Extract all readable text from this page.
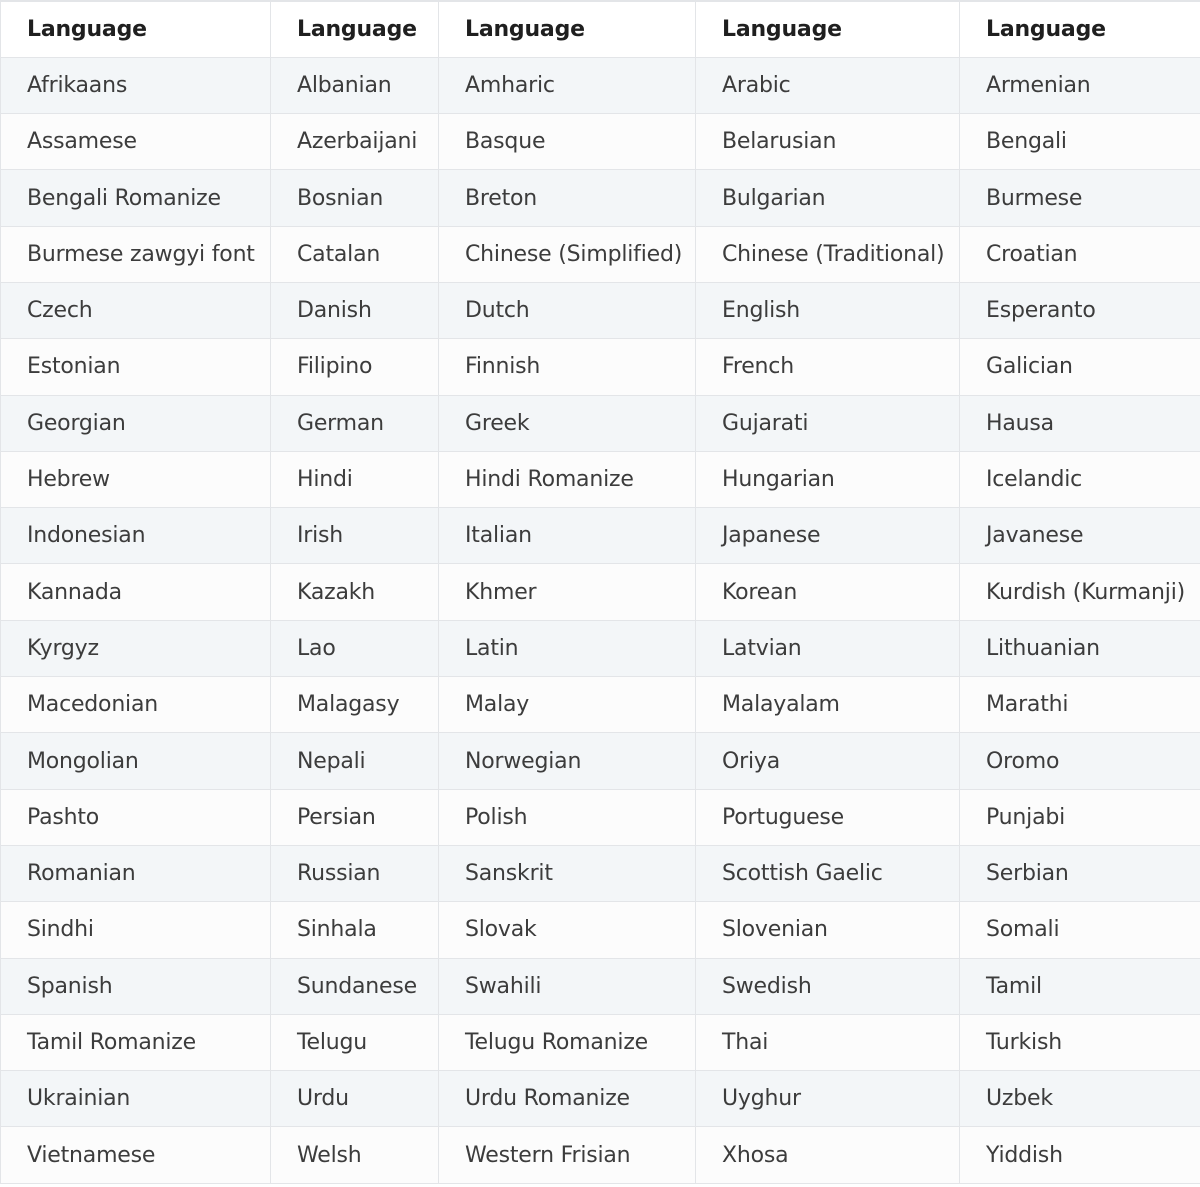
Language	Language	Language	Language	Language
Afrikaans	Albanian	Amharic	Arabic	Armenian
Assamese	Azerbaijani	Basque	Belarusian	Bengali
Bengali Romanize	Bosnian	Breton	Bulgarian	Burmese
Burmese zawgyi font	Catalan	Chinese (Simplified)	Chinese (Traditional)	Croatian
Czech	Danish	Dutch	English	Esperanto
Estonian	Filipino	Finnish	French	Galician
Georgian	German	Greek	Gujarati	Hausa
Hebrew	Hindi	Hindi Romanize	Hungarian	Icelandic
Indonesian	Irish	Italian	Japanese	Javanese
Kannada	Kazakh	Khmer	Korean	Kurdish (Kurmanji)
Kyrgyz	Lao	Latin	Latvian	Lithuanian
Macedonian	Malagasy	Malay	Malayalam	Marathi
Mongolian	Nepali	Norwegian	Oriya	Oromo
Pashto	Persian	Polish	Portuguese	Punjabi
Romanian	Russian	Sanskrit	Scottish Gaelic	Serbian
Sindhi	Sinhala	Slovak	Slovenian	Somali
Spanish	Sundanese	Swahili	Swedish	Tamil
Tamil Romanize	Telugu	Telugu Romanize	Thai	Turkish
Ukrainian	Urdu	Urdu Romanize	Uyghur	Uzbek
Vietnamese	Welsh	Western Frisian	Xhosa	Yiddish
